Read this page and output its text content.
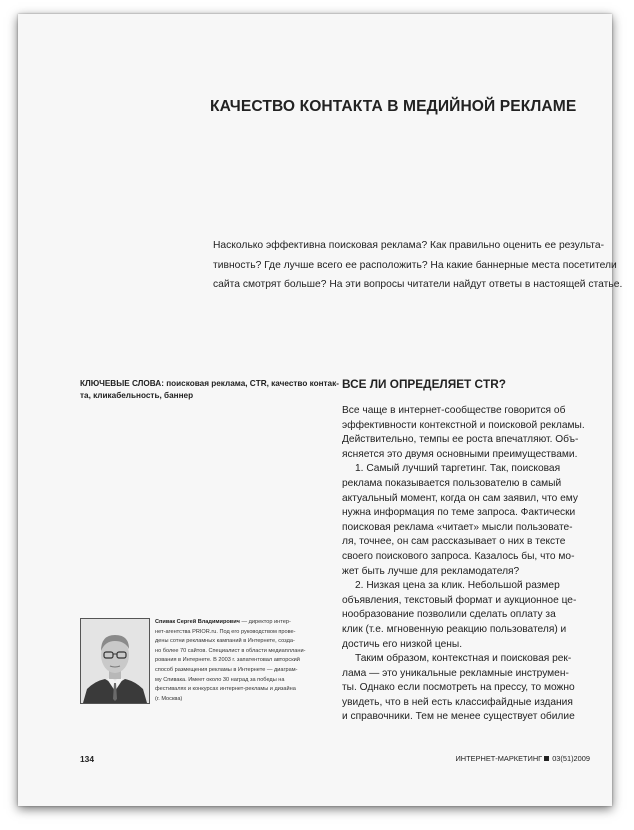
КАЧЕСТВО КОНТАКТА В МЕДИЙНОЙ РЕКЛАМЕ

Насколько эффективна поисковая реклама? Как правильно оценить ее результа-

тивность? Где лучше всего ее расположить? На какие баннерные места посетители

сайта смотрят больше? На эти вопросы читатели найдут ответы в настоящей статье.

КЛЮЧЕВЫЕ СЛОВА: поисковая реклама, CTR, качество контак-

та, кликабельность, баннер

ВСЕ ЛИ ОПРЕДЕЛЯЕТ CTR?

Все чаще в интернет-сообществе говорится об

эффективности контекстной и поисковой рекламы.

Действительно, темпы ее роста впечатляют. Объ-

ясняется это двумя основными преимуществами.

1. Самый лучший таргетинг. Так, поисковая

реклама показывается пользователю в самый

актуальный момент, когда он сам заявил, что ему

нужна информация по теме запроса. Фактически

поисковая реклама «читает» мысли пользовате-

ля, точнее, он сам рассказывает о них в тексте

своего поискового запроса. Казалось бы, что мо-

жет быть лучше для рекламодателя?

2. Низкая цена за клик. Небольшой размер

объявления, текстовый формат и аукционное це-

нообразование позволили сделать оплату за

клик (т.е. мгновенную реакцию пользователя) и

достичь его низкой цены.

Таким образом, контекстная и поисковая рек-

лама — это уникальные рекламные инструмен-

ты. Однако если посмотреть на прессу, то можно

увидеть, что в ней есть классифайдные издания

и справочники. Тем не менее существует обилие

Спивак Сергей Владимирович — директор интер-

нет-агентства PRIOR.ru. Под его руководством прове-

дены сотни рекламных кампаний в Интернете, созда-

но более 70 сайтов. Специалист в области медиапллани-

рования в Интернете. В 2003 г. запатентовал авторский

способ размещения рекламы в Интернете — диаграм-

му Спивака. Имеет около 30 наград за победы на

фестивалях и конкурсах интернет-рекламы и дизайна

(г. Москва)

134	ИНТЕРНЕТ-МАРКЕТИНГ 03(51)2009
